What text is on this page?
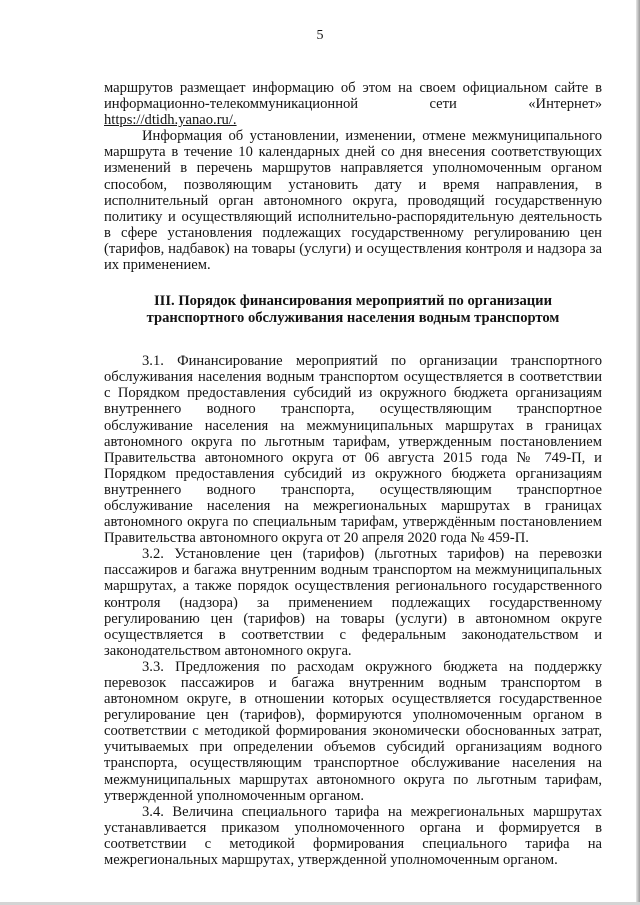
5

маршрутов размещает информацию об этом на своем официальном сайте в информационно-телекоммуникационной сети «Интернет» https://dtidh.yanao.ru/.

Информация об установлении, изменении, отмене межмуниципального маршрута в течение 10 календарных дней со дня внесения соответствующих изменений в перечень маршрутов направляется уполномоченным органом способом, позволяющим установить дату и время направления, в исполнительный орган автономного округа, проводящий государственную политику и осуществляющий исполнительно-распорядительную деятельность в сфере установления подлежащих государственному регулированию цен (тарифов, надбавок) на товары (услуги) и осуществления контроля и надзора за их применением.

III. Порядок финансирования мероприятий по организации
транспортного обслуживания населения водным транспортом

3.1. Финансирование мероприятий по организации транспортного обслуживания населения водным транспортом осуществляется в соответствии с Порядком предоставления субсидий из окружного бюджета организациям внутреннего водного транспорта, осуществляющим транспортное обслуживание населения на межмуниципальных маршрутах в границах автономного округа по льготным тарифам, утвержденным постановлением Правительства автономного округа от 06 августа 2015 года № 749-П, и Порядком предоставления субсидий из окружного бюджета организациям внутреннего водного транспорта, осуществляющим транспортное обслуживание населения на межрегиональных маршрутах в границах автономного округа по специальным тарифам, утверждённым постановлением Правительства автономного округа от 20 апреля 2020 года № 459-П.

3.2. Установление цен (тарифов) (льготных тарифов) на перевозки пассажиров и багажа внутренним водным транспортом на межмуниципальных маршрутах, а также порядок осуществления регионального государственного контроля (надзора) за применением подлежащих государственному регулированию цен (тарифов) на товары (услуги) в автономном округе осуществляется в соответствии с федеральным законодательством и законодательством автономного округа.

3.3. Предложения по расходам окружного бюджета на поддержку перевозок пассажиров и багажа внутренним водным транспортом в автономном округе, в отношении которых осуществляется государственное регулирование цен (тарифов), формируются уполномоченным органом в соответствии с методикой формирования экономически обоснованных затрат, учитываемых при определении объемов субсидий организациям водного транспорта, осуществляющим транспортное обслуживание населения на межмуниципальных маршрутах автономного округа по льготным тарифам, утвержденной уполномоченным органом.

3.4. Величина специального тарифа на межрегиональных маршрутах устанавливается приказом уполномоченного органа и формируется в соответствии с методикой формирования специального тарифа на межрегиональных маршрутах, утвержденной уполномоченным органом.
